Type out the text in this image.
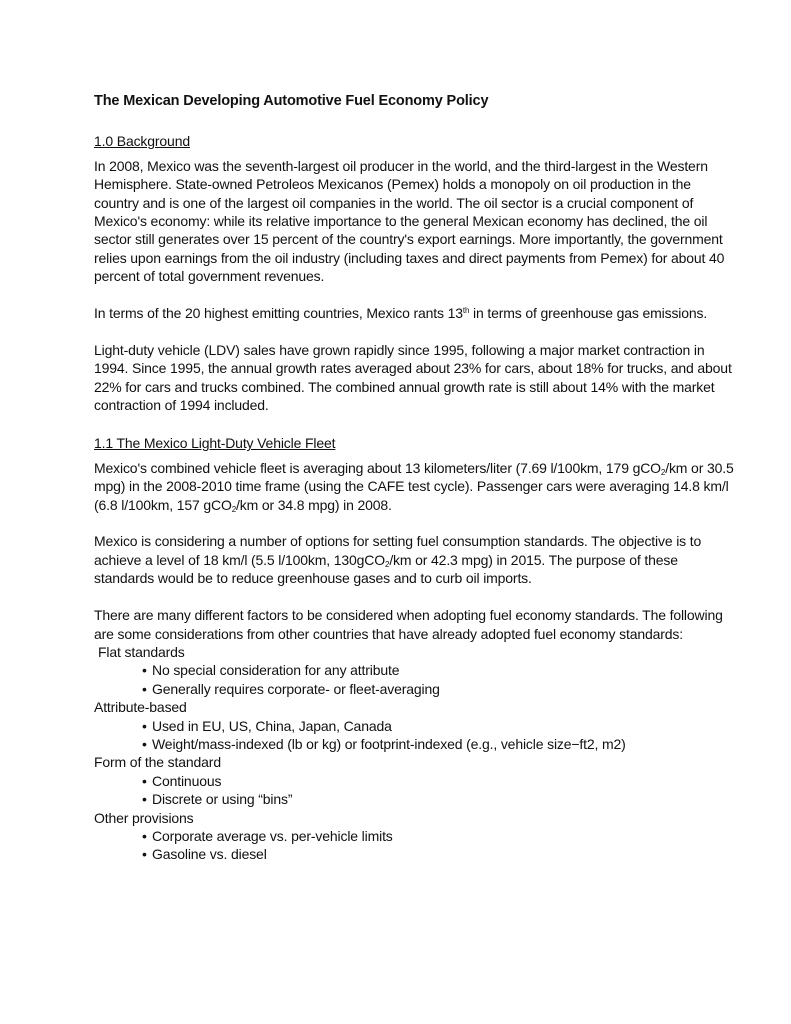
The Mexican Developing Automotive Fuel Economy Policy
1.0 Background

In 2008, Mexico was the seventh-largest oil producer in the world, and the third-largest in the Western Hemisphere. State-owned Petroleos Mexicanos (Pemex) holds a monopoly on oil production in the country and is one of the largest oil companies in the world. The oil sector is a crucial component of Mexico's economy: while its relative importance to the general Mexican economy has declined, the oil sector still generates over 15 percent of the country's export earnings. More importantly, the government relies upon earnings from the oil industry (including taxes and direct payments from Pemex) for about 40 percent of total government revenues.

In terms of the 20 highest emitting countries, Mexico rants 13th in terms of greenhouse gas emissions.

Light-duty vehicle (LDV) sales have grown rapidly since 1995, following a major market contraction in 1994. Since 1995, the annual growth rates averaged about 23% for cars, about 18% for trucks, and about 22% for cars and trucks combined. The combined annual growth rate is still about 14% with the market contraction of 1994 included.

1.1 The Mexico Light-Duty Vehicle Fleet

Mexico's combined vehicle fleet is averaging about 13 kilometers/liter (7.69 l/100km, 179 gCO$_2$/km or 30.5 mpg) in the 2008-2010 time frame (using the CAFE test cycle). Passenger cars were averaging 14.8 km/l (6.8 l/100km, 157 gCO$_2$/km or 34.8 mpg) in 2008.

Mexico is considering a number of options for setting fuel consumption standards. The objective is to achieve a level of 18 km/l (5.5 l/100km, 130gCO$_2$/km or 42.3 mpg) in 2015. The purpose of these standards would be to reduce greenhouse gases and to curb oil imports.

There are many different factors to be considered when adopting fuel economy standards. The following are some considerations from other countries that have already adopted fuel economy standards:

Flat standards
• No special consideration for any attribute
• Generally requires corporate- or fleet-averaging
Attribute-based
• Used in EU, US, China, Japan, Canada
• Weight/mass-indexed (lb or kg) or footprint-indexed (e.g., vehicle size−ft2, m2)
Form of the standard
• Continuous
• Discrete or using “bins”
Other provisions
• Corporate average vs. per-vehicle limits
• Gasoline vs. diesel
